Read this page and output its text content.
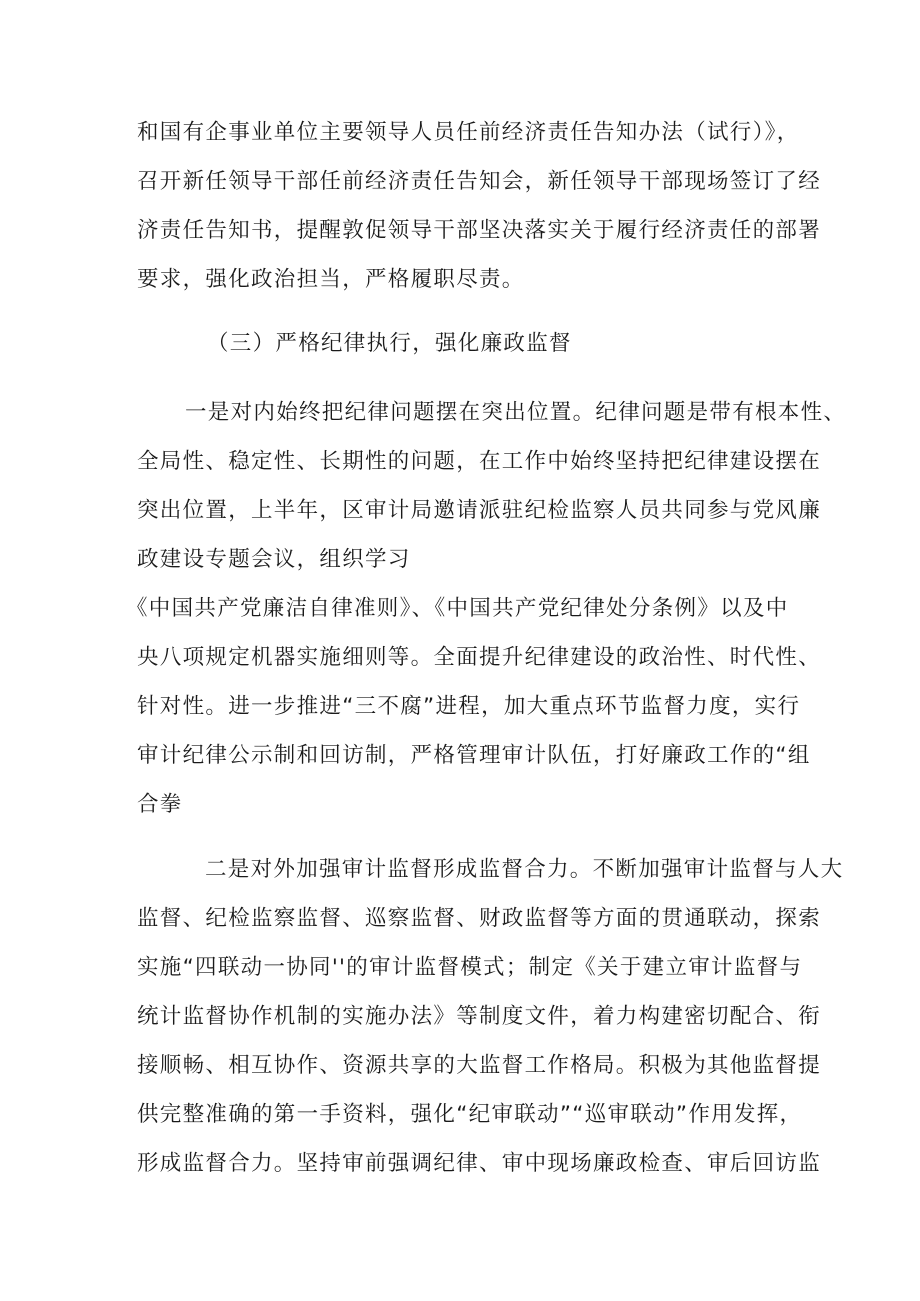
和国有企事业单位主要领导人员任前经济责任告知办法（试行）》，
召开新任领导干部任前经济责任告知会，新任领导干部现场签订了经
济责任告知书，提醒敦促领导干部坚决落实关于履行经济责任的部署
要求，强化政治担当，严格履职尽责。
（三）严格纪律执行，强化廉政监督
一是对内始终把纪律问题摆在突出位置。纪律问题是带有根本性、
全局性、稳定性、长期性的问题，在工作中始终坚持把纪律建设摆在
突出位置，上半年，区审计局邀请派驻纪检监察人员共同参与党风廉
政建设专题会议，组织学习
《中国共产党廉洁自律准则》、《中国共产党纪律处分条例》以及中
央八项规定机器实施细则等。全面提升纪律建设的政治性、时代性、
针对性。进一步推进“三不腐”进程，加大重点环节监督力度，实行
审计纪律公示制和回访制，严格管理审计队伍，打好廉政工作的“组
合拳
二是对外加强审计监督形成监督合力。不断加强审计监督与人大
监督、纪检监察监督、巡察监督、财政监督等方面的贯通联动，探索
实施“四联动一协同''的审计监督模式；制定《关于建立审计监督与
统计监督协作机制的实施办法》等制度文件，着力构建密切配合、衔
接顺畅、相互协作、资源共享的大监督工作格局。积极为其他监督提
供完整准确的第一手资料，强化“纪审联动”“巡审联动”作用发挥，
形成监督合力。坚持审前强调纪律、审中现场廉政检查、审后回访监
